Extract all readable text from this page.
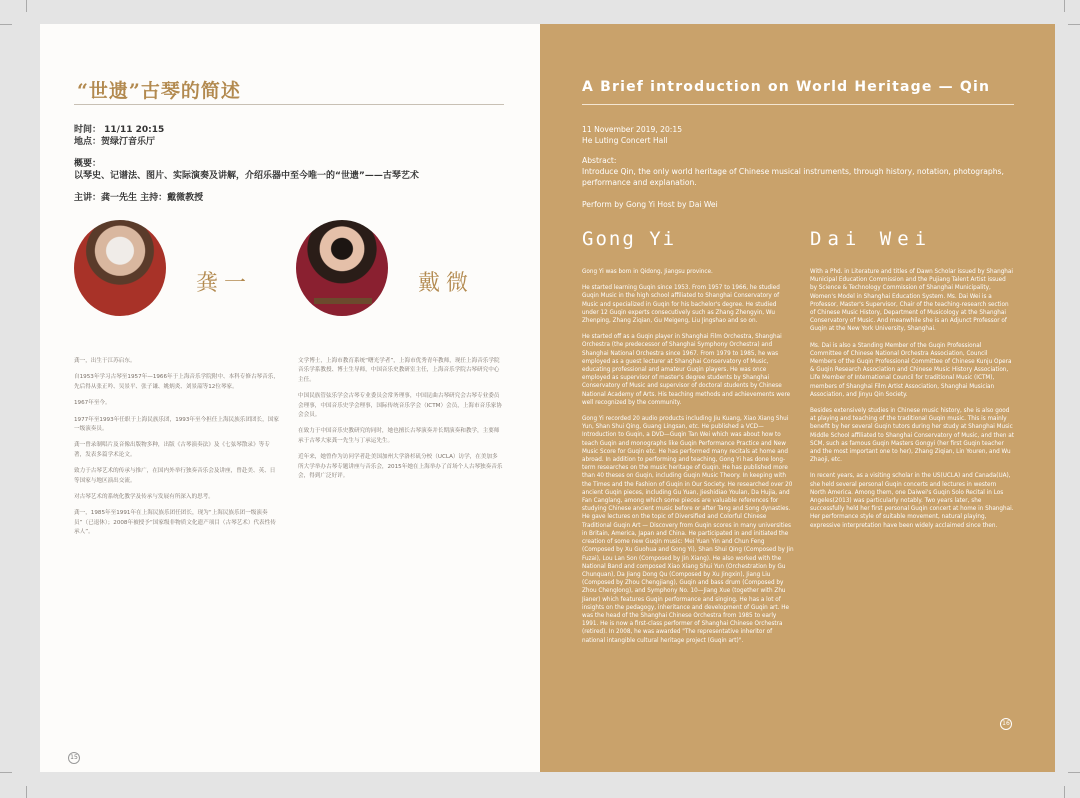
“世遗”古琴的简述
时间： 11/11 20:15
地点：贺绿汀音乐厅
概要：
以琴史、记谱法、图片、实际演奏及讲解，介绍乐器中至今唯一的“世遗”——古琴艺术
主讲：龚一先生 主持：戴微教授
龚一	戴微

龚一，出生于江苏启东。

自1953年学习古琴至1957年—1966年于上海音乐学院附中、本科专修古琴音乐，先后得从张正吟、吴景平、张子谦、姚炳炎、刘景韶等12位琴家。

1967年至今。

1977年至1993年任职于上海民族乐团，1993年至今担任上海民族乐团团长，国家一级演奏员。

龚一曾录制唱片及音像出版物多种，出版《古琴演奏法》及《七弦琴散录》等专著，发表多篇学术论文。

致力于古琴艺术的传承与推广，在国内外举行独奏音乐会及讲座，曾赴美、英、日等国家与地区演出交流。

对古琴艺术的系统化教学及传承与发展有所深入的思考。

龚一，1985年至1991年在上海民族乐团任团长，现为“上海民族乐团一级演奏员”（已退休）；2008年被授予“国家级非物质文化遗产项目（古琴艺术）代表性传承人”。

文学博士，上海市教育系统“曙光学者”，上海市优秀青年教师，现任上海音乐学院音乐学系教授、博士生导师，中国音乐史教研室主任，上海音乐学院古琴研究中心主任。

中国民族管弦乐学会古琴专业委员会常务理事，中国昆曲古琴研究会古琴专业委员会理事，中国音乐史学会理事，国际传统音乐学会（ICTM）会员，上海市音乐家协会会员。

在致力于中国音乐史教研究的同时，她也擅长古琴演奏并长期演奏和教学，主要师承于古琴大家龚一先生与丁承运先生。

近年来，她曾作为访问学者赴美国加州大学洛杉矶分校（UCLA）访学，在美加多所大学举办古琴专题讲座与音乐会，2015年她在上海举办了首场个人古琴独奏音乐会，得到广泛好评。

15
A Brief introduction on World Heritage — Qin
11 November 2019, 20:15
He Luting Concert Hall
Abstract:
Introduce Qin, the only world heritage of Chinese musical instruments, through history, notation, photographs, performance and explanation.
Perform by Gong Yi Host by Dai Wei
Gong Yi	Dai Wei

Gong Yi was born in Qidong, Jiangsu province.

He started learning Guqin since 1953. From 1957 to 1966, he studied Guqin Music in the high school affiliated to Shanghai Conservatory of Music and specialized in Guqin for his bachelor's degree. He studied under 12 Guqin experts consecutively such as Zhang Zhengyin, Wu Zhenping, Zhang Ziqian, Gu Meigeng, Liu Jingshao and so on.

He started off as a Guqin player in Shanghai Film Orchestra, Shanghai Orchestra (the predecessor of Shanghai Symphony Orchestra) and Shanghai National Orchestra since 1967. From 1979 to 1985, he was employed as a guest lecturer at Shanghai Conservatory of Music, educating professional and amateur Guqin players. He was once employed as supervisor of master's degree students by Shanghai Conservatory of Music and supervisor of doctoral students by Chinese National Academy of Arts. His teaching methods and achievements were well recognized by the community.

Gong Yi recorded 20 audio products including Jiu Kuang, Xiao Xiang Shui Yun, Shan Shui Qing, Guang Lingsan, etc. He published a VCD—Introduction to Guqin, a DVD—Guqin Tan Wei which was about how to teach Guqin and monographs like Guqin Performance Practice and New Music Score for Guqin etc. He has performed many recitals at home and abroad. In addition to performing and teaching, Gong Yi has done long-term researches on the music heritage of Guqin. He has published more than 40 theses on Guqin, including Guqin Music Theory. In keeping with the Times and the Fashion of Guqin in Our Society. He researched over 20 ancient Guqin pieces, including Gu Yuan, Jieshidiao Youlan, Da Hujia, and Fan Canglang, among which some pieces are valuable references for studying Chinese ancient music before or after Tang and Song dynasties. He gave lectures on the topic of Diversified and Colorful Chinese Traditional Guqin Art — Discovery from Guqin scores in many universities in Britain, America, Japan and China. He participated in and initiated the creation of some new Guqin music: Mei Yuan Yin and Chun Feng (Composed by Xu Guohua and Gong Yi), Shan Shui Qing (Composed by Jin Fuzai), Lou Lan Son (Composed by Jin Xiang). He also worked with the National Band and composed Xiao Xiang Shui Yun (Orchestration by Gu Chunquan), Da Jiang Dong Qu (Composed by Xu Jingxin), Jiang Liu (Composed by Zhou Chengjiang), Guqin and bass drum (Composed by Zhou Chenglong), and Symphony No. 10—Jiang Xue (together with Zhu Jianer) which features Guqin performance and singing. He has a lot of insights on the pedagogy, inheritance and development of Guqin art. He was the head of the Shanghai Chinese Orchestra from 1985 to early 1991. He is now a first-class performer of Shanghai Chinese Orchestra (retired). In 2008, he was awarded "The representative inheritor of national intangible cultural heritage project (Guqin art)".

With a Phd. in Literature and titles of Dawn Scholar issued by Shanghai Municipal Education Commission and the Pujiang Talent Artist issued by Science & Technology Commission of Shanghai Municipality, Women's Model in Shanghai Education System. Ms. Dai Wei is a Professor, Master's Supervisor, Chair of the teaching-research section of Chinese Music History, Department of Musicology at the Shanghai Conservatory of Music. And meanwhile she is an Adjunct Professor of Guqin at the New York University, Shanghai.

Ms. Dai is also a Standing Member of the Guqin Professional Committee of Chinese National Orchestra Association, Council Members of the Guqin Professional Committee of Chinese Kunju Opera & Guqin Research Association and Chinese Music History Association, Life Member of International Council for traditional Music (ICTM), members of Shanghai Film Artist Association, Shanghai Musician Association, and Jinyu Qin Society.

Besides extensively studies in Chinese music history, she is also good at playing and teaching of the traditional Guqin music. This is mainly benefit by her several Guqin tutors during her study at Shanghai Music Middle School affiliated to Shanghai Conservatory of Music, and then at SCM, such as famous Guqin Masters Gongyi (her first Guqin teacher and the most important one to her), Zhang Ziqian, Lin Youren, and Wu Zhaoji, etc.

In recent years, as a visiting scholar in the US(UCLA) and Canada(UA), she held several personal Guqin concerts and lectures in western North America. Among them, one Daiwei's Guqin Solo Recital in Los Angeles(2013) was particularly notably. Two years later, she successfully held her first personal Guqin concert at home in Shanghai. Her performance style of suitable movement, natural playing, expressive interpretation have been widely acclaimed since then.

16
